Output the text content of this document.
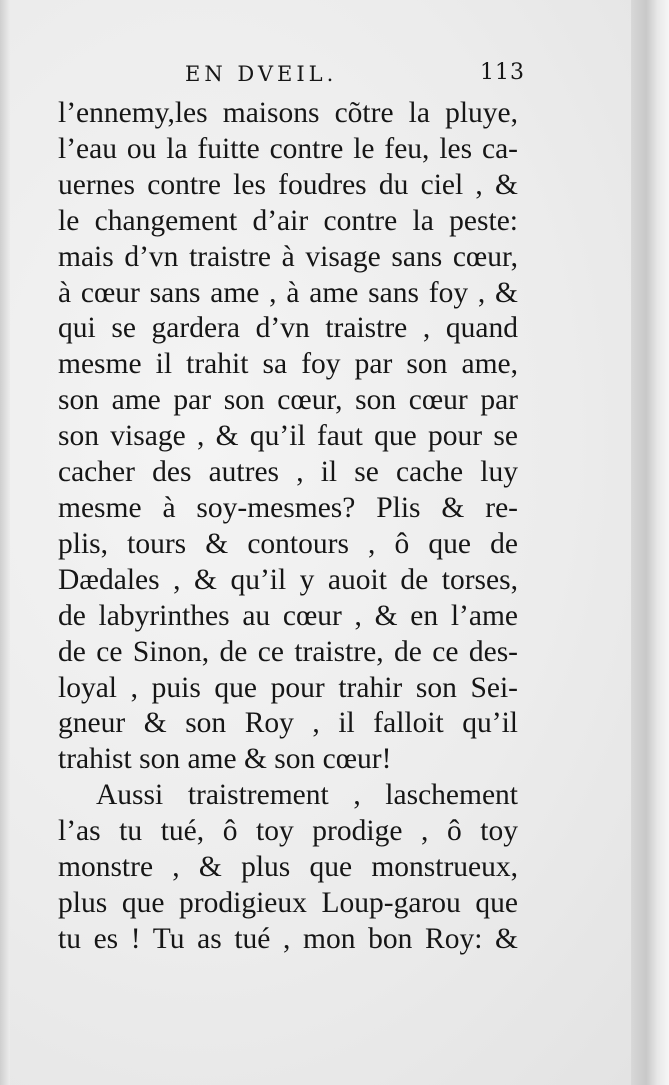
EN DVEIL.	113
l’ennemy,les maisons cõtre la pluye,
l’eau ou la fuitte contre le feu, les ca-
uernes contre les foudres du ciel , &
le changement d’air contre la peste:
mais d’vn traistre à visage sans cœur,
à cœur sans ame , à ame sans foy , &
qui se gardera d’vn traistre , quand
mesme il trahit sa foy par son ame,
son ame par son cœur, son cœur par
son visage , & qu’il faut que pour se
cacher des autres , il se cache luy
mesme à soy-mesmes? Plis & re-
plis, tours & contours , ô que de
Dædales , & qu’il y auoit de torses,
de labyrinthes au cœur , & en l’ame
de ce Sinon, de ce traistre, de ce des-
loyal , puis que pour trahir son Sei-
gneur & son Roy , il falloit qu’il
trahist son ame & son cœur!
Aussi traistrement , laschement
l’as tu tué, ô toy prodige , ô toy
monstre , & plus que monstrueux,
plus que prodigieux Loup-garou que
tu es ! Tu as tué , mon bon Roy: &
